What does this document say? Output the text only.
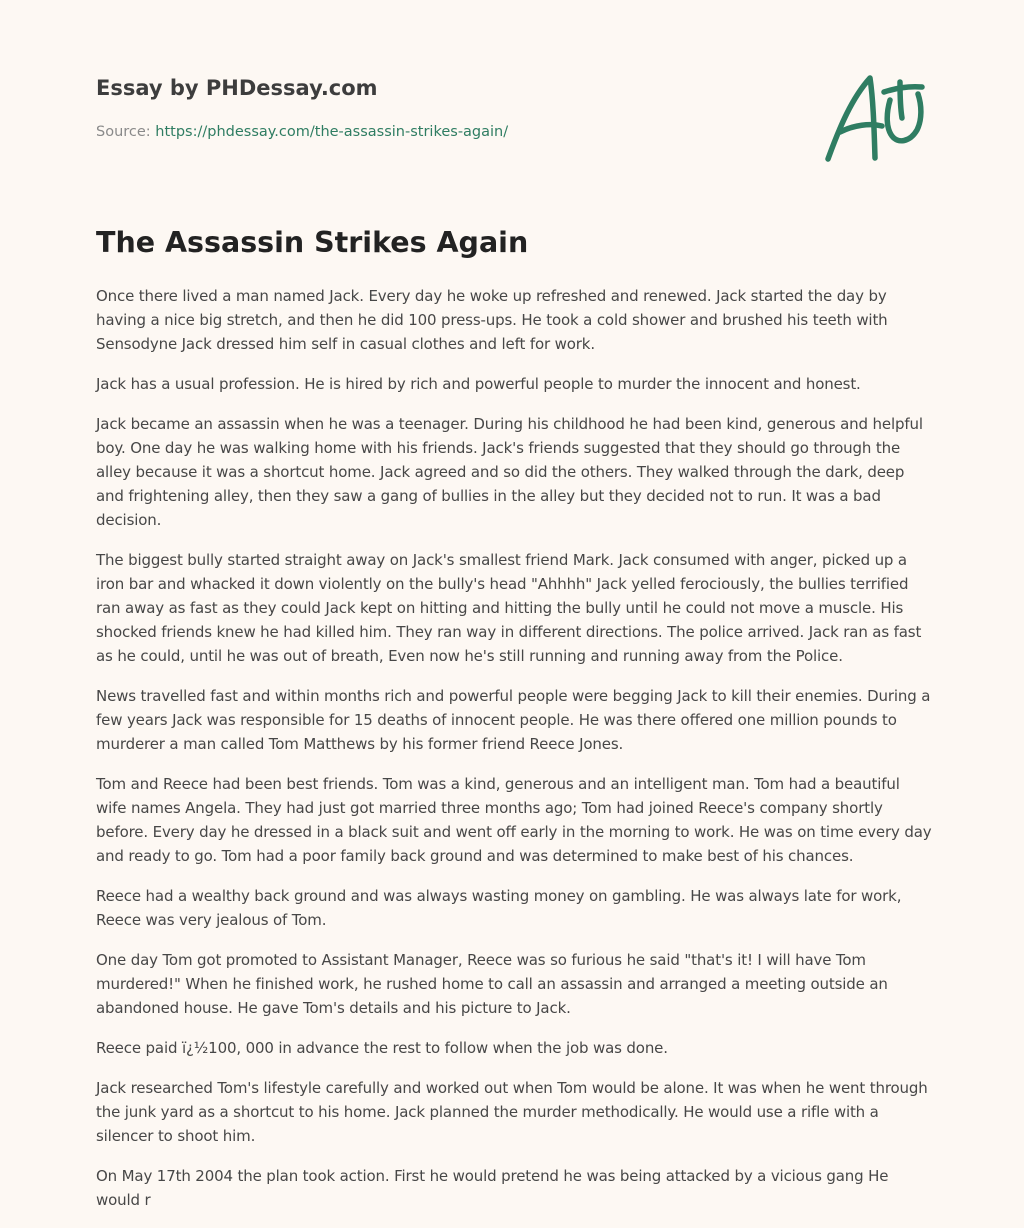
Essay by PHDessay.com

Source: https://phdessay.com/the-assassin-strikes-again/

The Assassin Strikes Again

Once there lived a man named Jack. Every day he woke up refreshed and renewed. Jack started the day by having a nice big stretch, and then he did 100 press-ups. He took a cold shower and brushed his teeth with Sensodyne Jack dressed him self in casual clothes and left for work.

Jack has a usual profession. He is hired by rich and powerful people to murder the innocent and honest.

Jack became an assassin when he was a teenager. During his childhood he had been kind, generous and helpful boy. One day he was walking home with his friends. Jack's friends suggested that they should go through the alley because it was a shortcut home. Jack agreed and so did the others. They walked through the dark, deep and frightening alley, then they saw a gang of bullies in the alley but they decided not to run. It was a bad decision.

The biggest bully started straight away on Jack's smallest friend Mark. Jack consumed with anger, picked up a iron bar and whacked it down violently on the bully's head "Ahhhh" Jack yelled ferociously, the bullies terrified ran away as fast as they could Jack kept on hitting and hitting the bully until he could not move a muscle. His shocked friends knew he had killed him. They ran way in different directions. The police arrived. Jack ran as fast as he could, until he was out of breath, Even now he's still running and running away from the Police.

News travelled fast and within months rich and powerful people were begging Jack to kill their enemies. During a few years Jack was responsible for 15 deaths of innocent people. He was there offered one million pounds to murderer a man called Tom Matthews by his former friend Reece Jones.

Tom and Reece had been best friends. Tom was a kind, generous and an intelligent man. Tom had a beautiful wife names Angela. They had just got married three months ago; Tom had joined Reece's company shortly before. Every day he dressed in a black suit and went off early in the morning to work. He was on time every day and ready to go. Tom had a poor family back ground and was determined to make best of his chances.

Reece had a wealthy back ground and was always wasting money on gambling. He was always late for work, Reece was very jealous of Tom.

One day Tom got promoted to Assistant Manager, Reece was so furious he said "that's it! I will have Tom murdered!" When he finished work, he rushed home to call an assassin and arranged a meeting outside an abandoned house. He gave Tom's details and his picture to Jack.

Reece paid ï¿½100, 000 in advance the rest to follow when the job was done.

Jack researched Tom's lifestyle carefully and worked out when Tom would be alone. It was when he went through the junk yard as a shortcut to his home. Jack planned the murder methodically. He would use a rifle with a silencer to shoot him.

On May 17th 2004 the plan took action. First he would pretend he was being attacked by a vicious gang He would r
